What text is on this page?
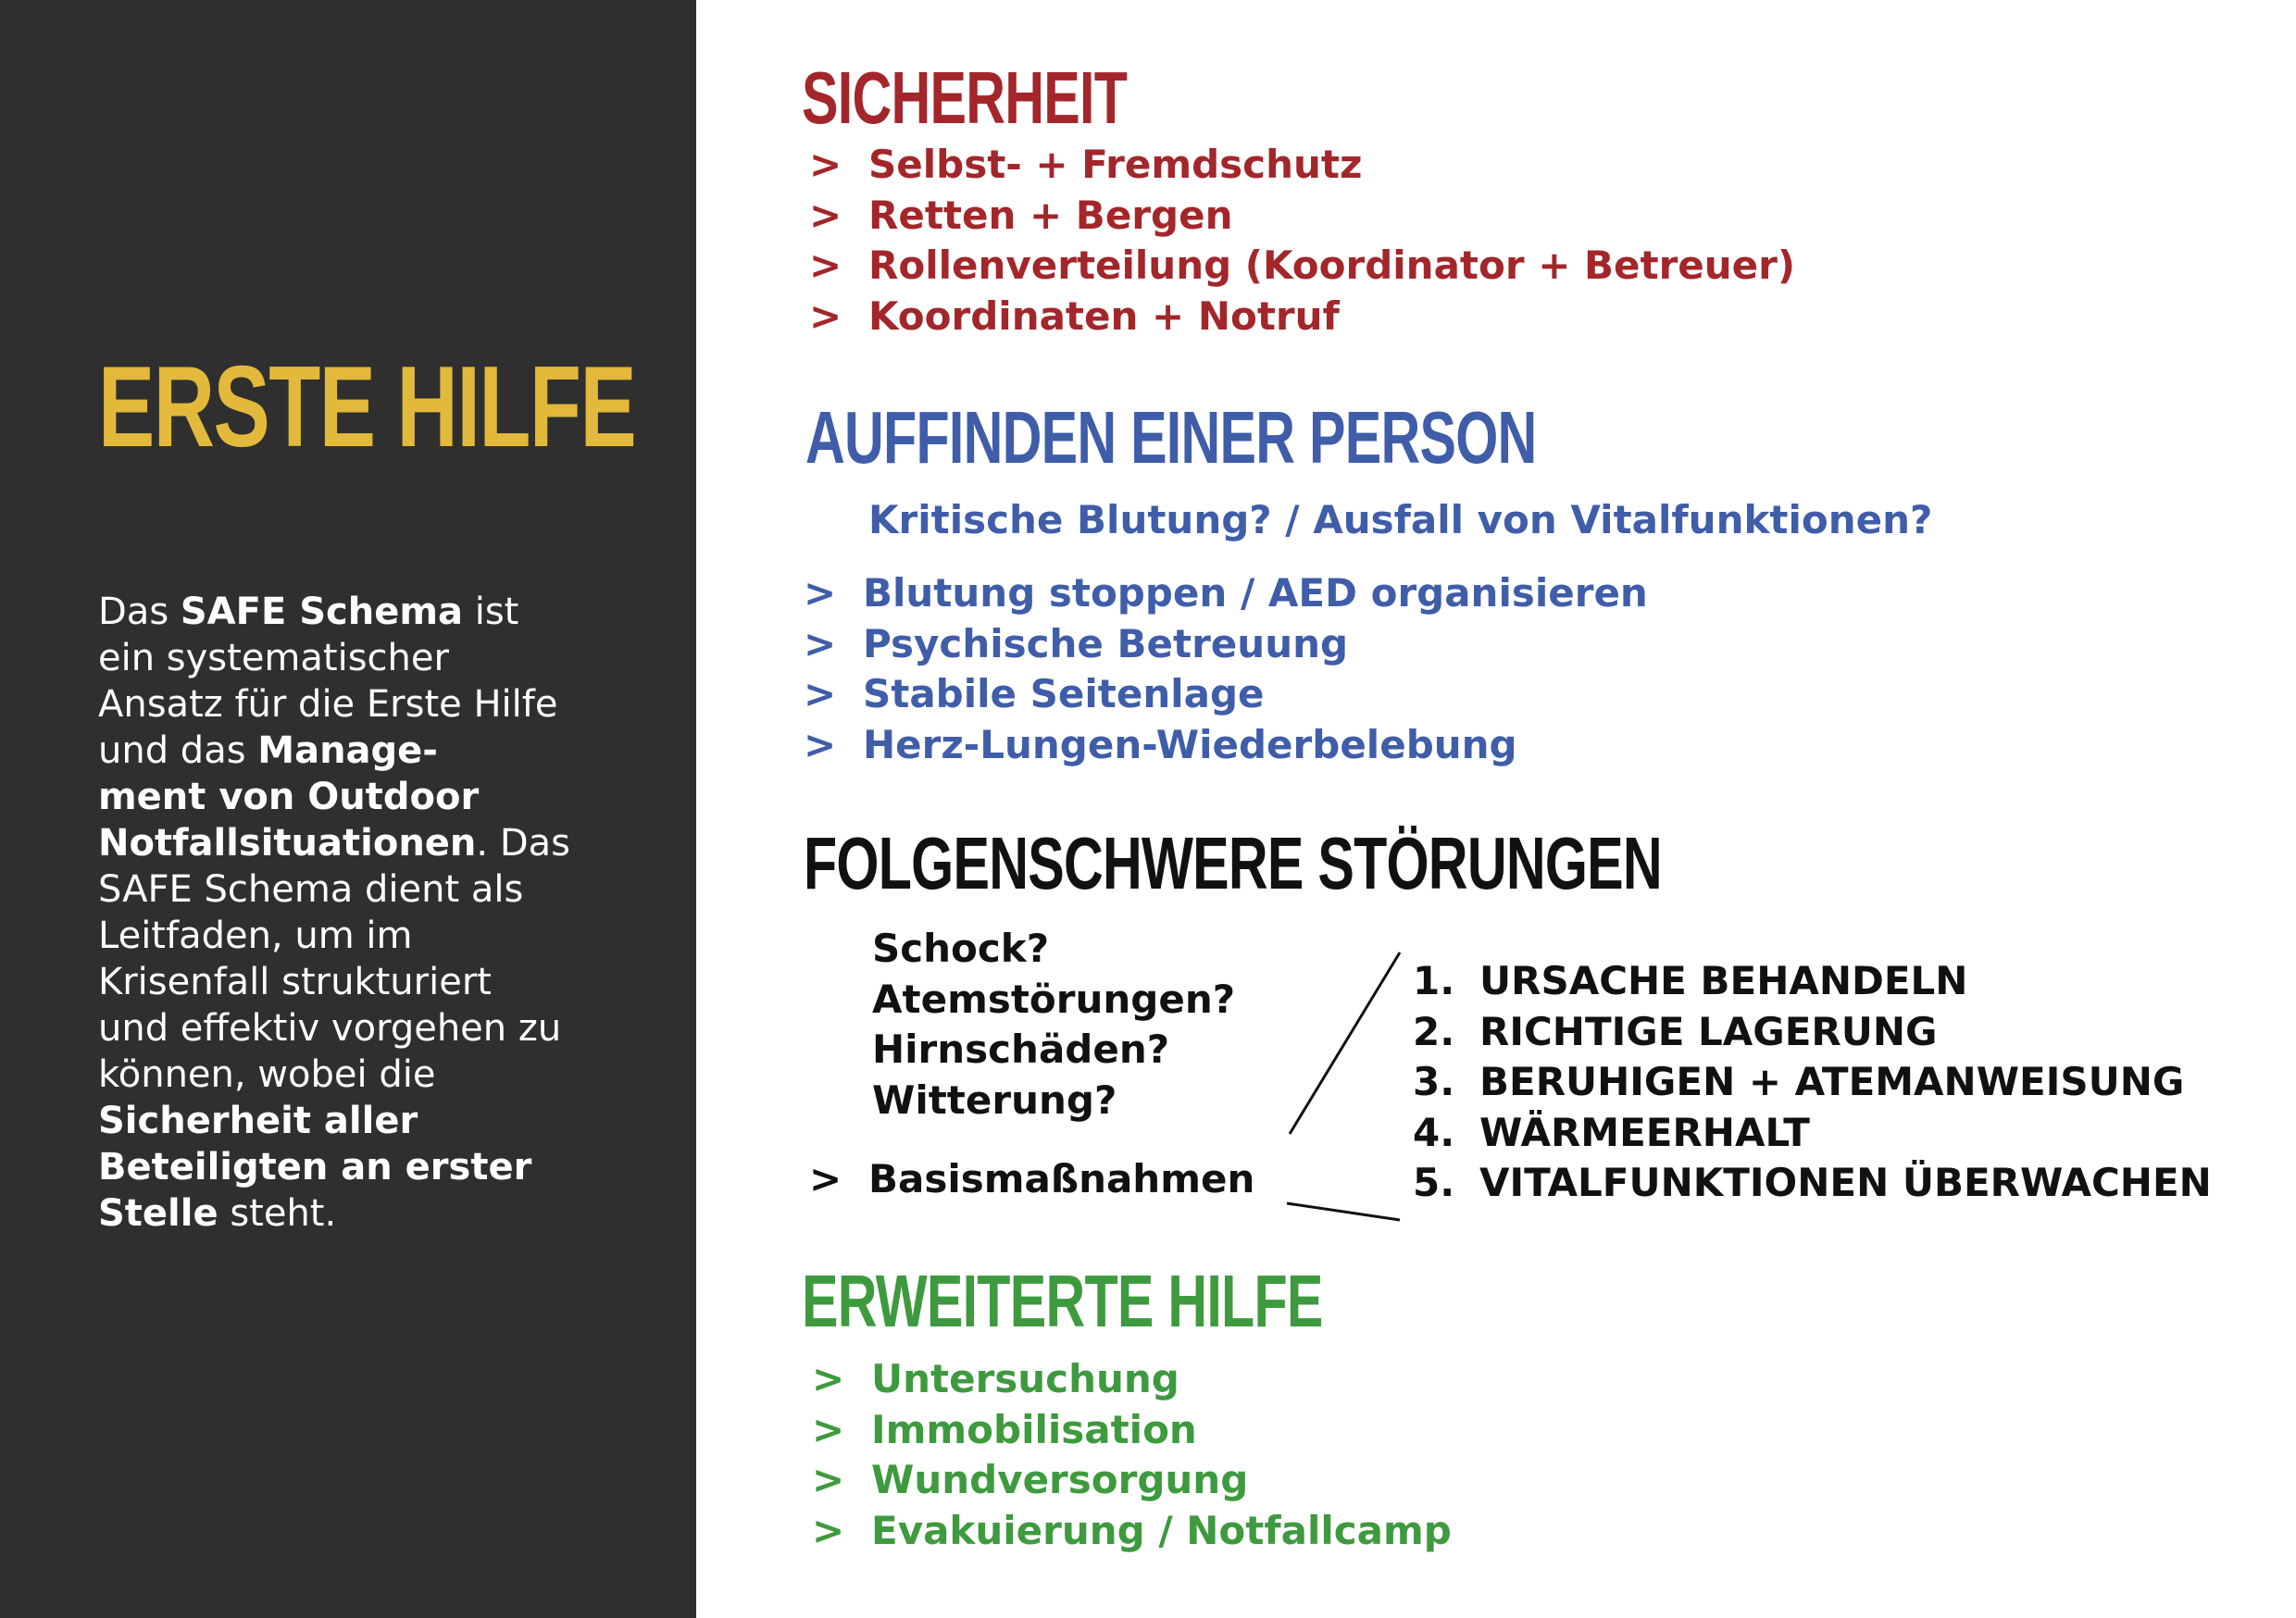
ERSTE HILFE

Das SAFE Schema ist
ein systematischer
Ansatz für die Erste Hilfe
und das Manage-
ment von Outdoor
Notfallsituationen. Das
SAFE Schema dient als
Leitfaden, um im
Krisenfall strukturiert
und effektiv vorgehen zu
können, wobei die
Sicherheit aller
Beteiligten an erster
Stelle steht.

SICHERHEIT
> Selbst- + Fremdschutz
> Retten + Bergen
> Rollenverteilung (Koordinator + Betreuer)
> Koordinaten + Notruf
AUFFINDEN EINER PERSON

Kritische Blutung? / Ausfall von Vitalfunktionen?

> Blutung stoppen / AED organisieren
> Psychische Betreuung
> Stabile Seitenlage
> Herz-Lungen-Wiederbelebung
FOLGENSCHWERE STÖRUNGEN
Schock?
Atemstörungen?
Hirnschäden?
Witterung?
> Basismaßnahmen
1. URSACHE BEHANDELN
2. RICHTIGE LAGERUNG
3. BERUHIGEN + ATEMANWEISUNG
4. WÄRMEERHALT
5. VITALFUNKTIONEN ÜBERWACHEN
ERWEITERTE HILFE
> Untersuchung
> Immobilisation
> Wundversorgung
> Evakuierung / Notfallcamp
